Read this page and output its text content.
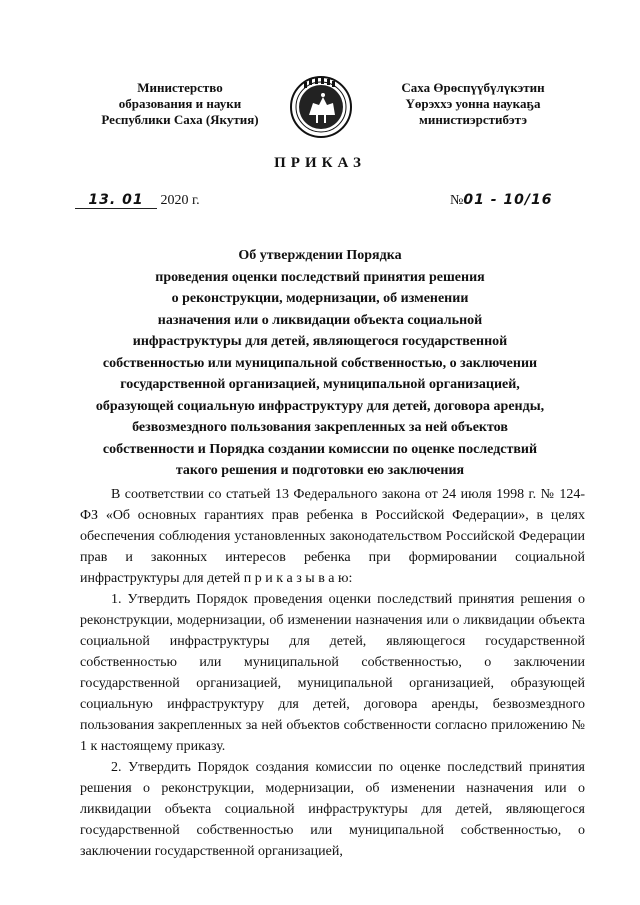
Министерство
образования и науки
Республики Саха (Якутия)
Саха Өрөспүүбүлүкэтин
Үөрэххэ уонна наукаҕа
министиэрстибэтэ
ПРИКАЗ
13. 01 2020 г.	№01 - 10/16
Об утверждении Порядка
проведения оценки последствий принятия решения
о реконструкции, модернизации, об изменении
назначения или о ликвидации объекта социальной
инфраструктуры для детей, являющегося государственной
собственностью или муниципальной собственностью, о заключении
государственной организацией, муниципальной организацией,
образующей социальную инфраструктуру для детей, договора аренды,
безвозмездного пользования закрепленных за ней объектов
собственности и Порядка создании комиссии по оценке последствий
такого решения и подготовки ею заключения

В соответствии со статьей 13 Федерального закона от 24 июля 1998 г. № 124-ФЗ «Об основных гарантиях прав ребенка в Российской Федерации», в целях обеспечения соблюдения установленных законодательством Российской Федерации прав и законных интересов ребенка при формировании социальной инфраструктуры для детей п р и к а з ы в а ю:

1. Утвердить Порядок проведения оценки последствий принятия решения о реконструкции, модернизации, об изменении назначения или о ликвидации объекта социальной инфраструктуры для детей, являющегося государственной собственностью или муниципальной собственностью, о заключении государственной организацией, муниципальной организацией, образующей социальную инфраструктуру для детей, договора аренды, безвозмездного пользования закрепленных за ней объектов собственности согласно приложению № 1 к настоящему приказу.

2. Утвердить Порядок создания комиссии по оценке последствий принятия решения о реконструкции, модернизации, об изменении назначения или о ликвидации объекта социальной инфраструктуры для детей, являющегося государственной собственностью или муниципальной собственностью, о заключении государственной организацией,
